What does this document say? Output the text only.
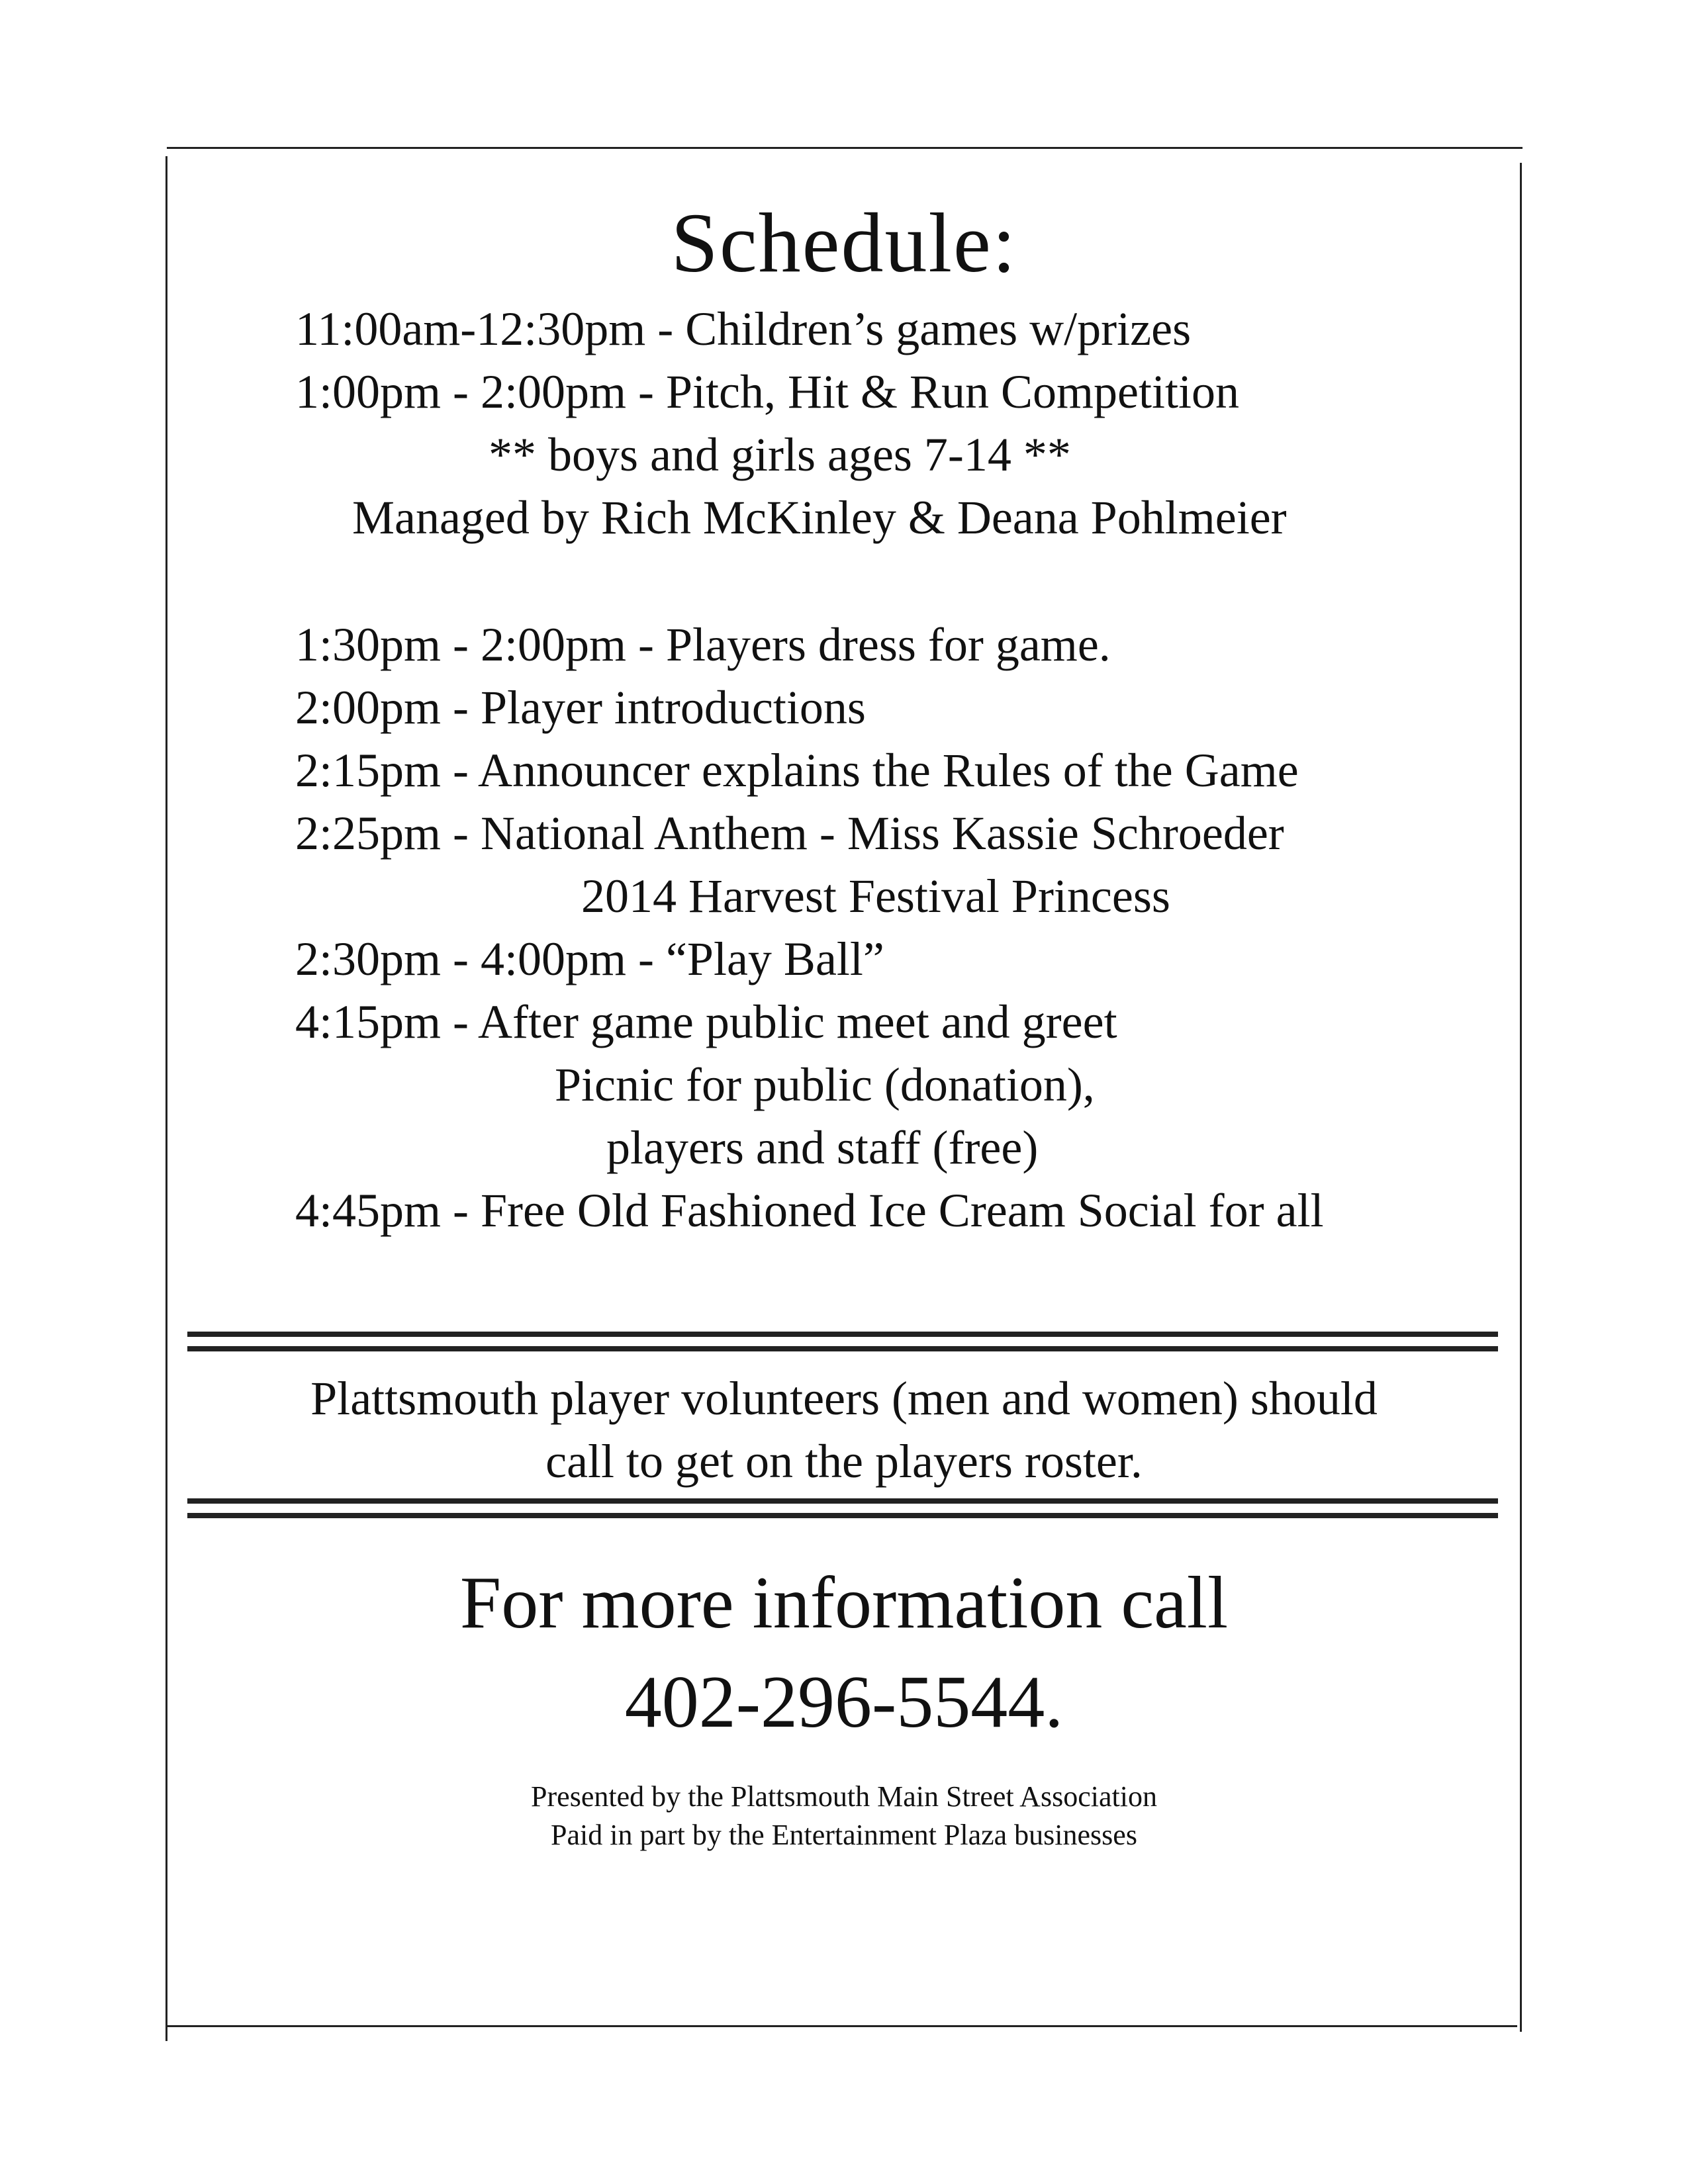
Schedule:
11:00am-12:30pm - Children’s games w/prizes
1:00pm - 2:00pm - Pitch, Hit & Run Competition
** boys and girls ages 7-14 **
Managed by Rich McKinley & Deana Pohlmeier
1:30pm - 2:00pm - Players dress for game.
2:00pm - Player introductions
2:15pm - Announcer explains the Rules of the Game
2:25pm - National Anthem - Miss Kassie Schroeder
2014 Harvest Festival Princess
2:30pm - 4:00pm - “Play Ball”
4:15pm - After game public meet and greet
Picnic for public (donation),
players and staff (free)
4:45pm - Free Old Fashioned Ice Cream Social for all

Plattsmouth player volunteers (men and women) should

call to get on the players roster.

For more information call

402-296-5544.

Presented by the Plattsmouth Main Street Association

Paid in part by the Entertainment Plaza businesses
